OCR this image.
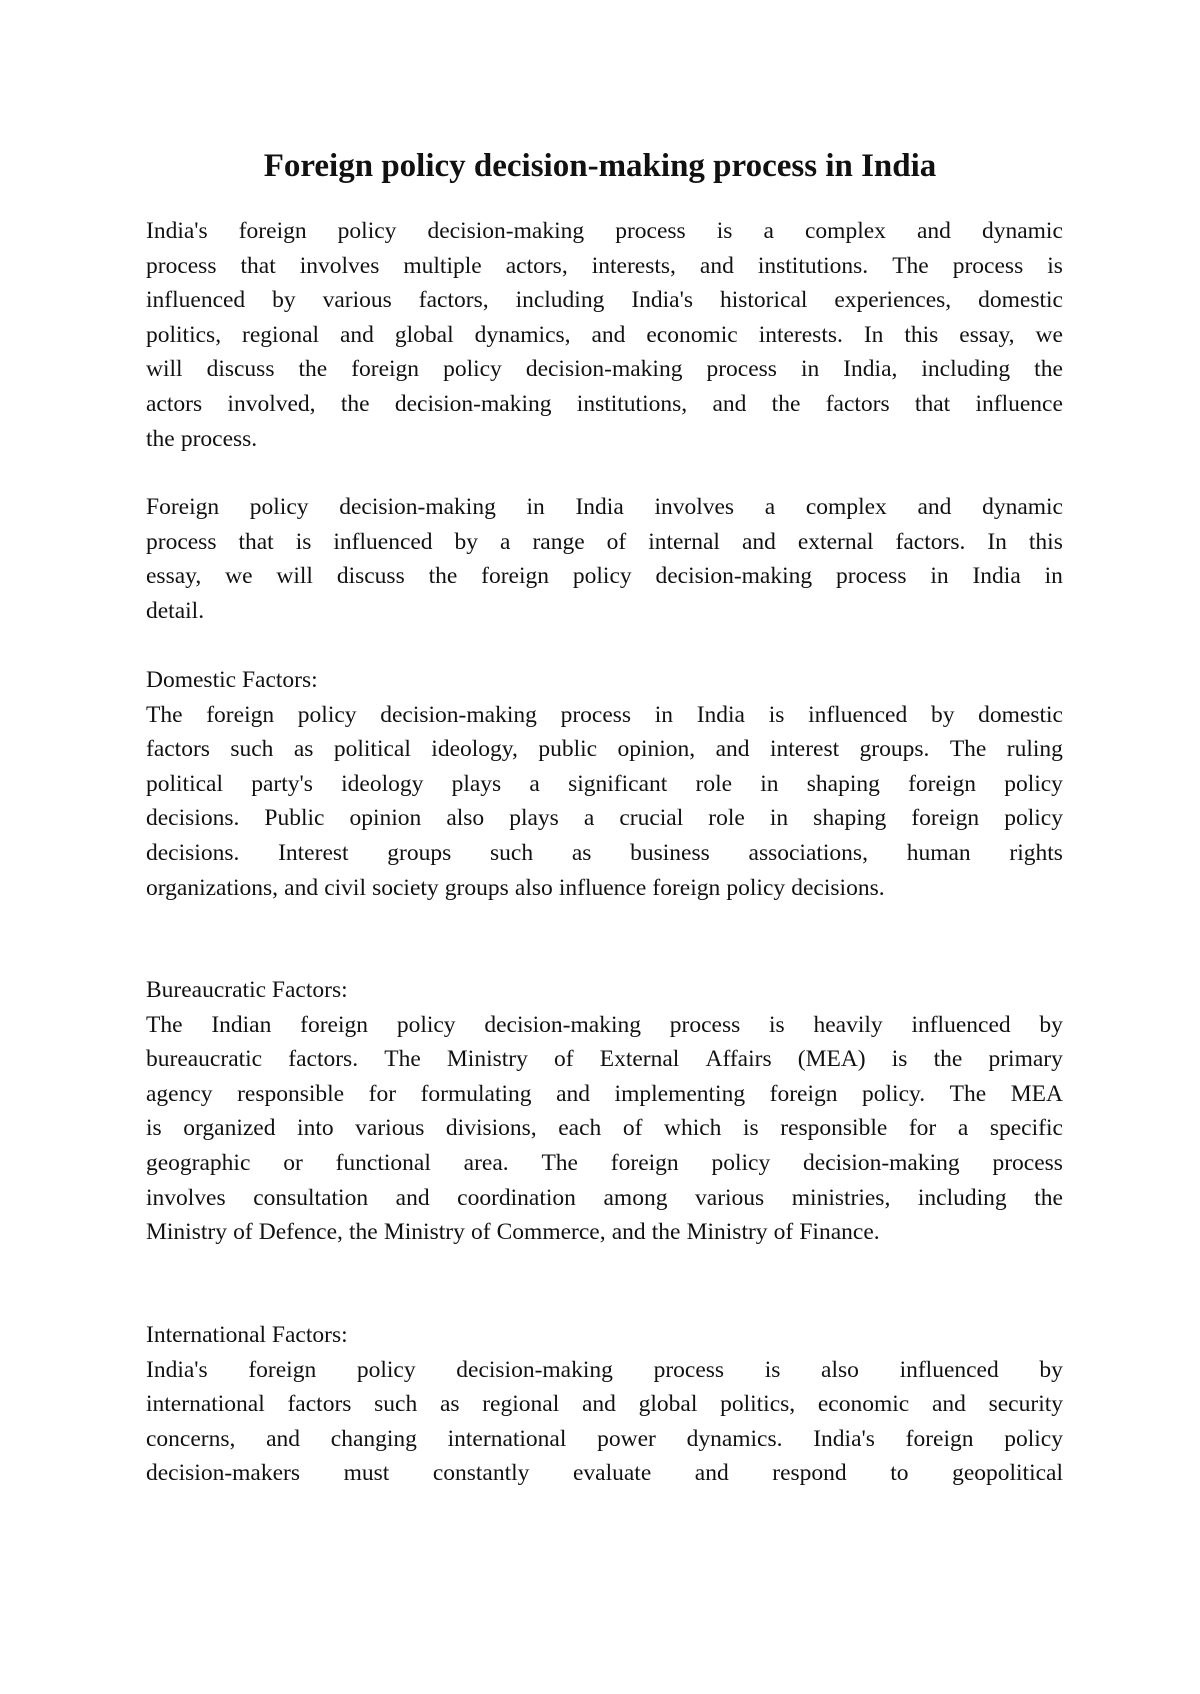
Foreign policy decision-making process in India
India's foreign policy decision-making process is a complex and dynamic
process that involves multiple actors, interests, and institutions. The process is
influenced by various factors, including India's historical experiences, domestic
politics, regional and global dynamics, and economic interests. In this essay, we
will discuss the foreign policy decision-making process in India, including the
actors involved, the decision-making institutions, and the factors that influence
the process.
Foreign policy decision-making in India involves a complex and dynamic
process that is influenced by a range of internal and external factors. In this
essay, we will discuss the foreign policy decision-making process in India in
detail.
Domestic Factors:
The foreign policy decision-making process in India is influenced by domestic
factors such as political ideology, public opinion, and interest groups. The ruling
political party's ideology plays a significant role in shaping foreign policy
decisions. Public opinion also plays a crucial role in shaping foreign policy
decisions. Interest groups such as business associations, human rights
organizations, and civil society groups also influence foreign policy decisions.
Bureaucratic Factors:
The Indian foreign policy decision-making process is heavily influenced by
bureaucratic factors. The Ministry of External Affairs (MEA) is the primary
agency responsible for formulating and implementing foreign policy. The MEA
is organized into various divisions, each of which is responsible for a specific
geographic or functional area. The foreign policy decision-making process
involves consultation and coordination among various ministries, including the
Ministry of Defence, the Ministry of Commerce, and the Ministry of Finance.
International Factors:
India's foreign policy decision-making process is also influenced by
international factors such as regional and global politics, economic and security
concerns, and changing international power dynamics. India's foreign policy
decision-makers must constantly evaluate and respond to geopolitical
